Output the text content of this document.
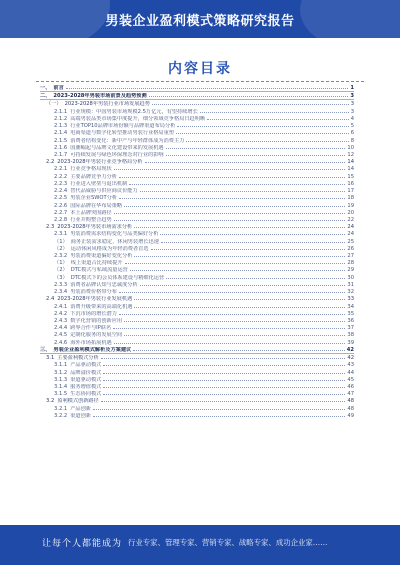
男装企业盈利模式策略研究报告
内容目录
一、 前言	1
二、 2023-2028年男装市场前景及趋势预测	3
（一） 2023-2028年男装行业市场发展趋势	3
2.1.1 行业规模：中国男装市场规模2.5万亿元，有望持续增长	3
2.1.2 高端男装品类市场集中度提升，细分领域竞争格局日趋明晰	4
2.1.3 行业TOP10品牌市场份额与品牌渠道布局分析	5
2.1.4 电商渠道与数字化转型推动男装行业格局重塑	6
2.1.5 消费者结构变化：新中产与年轻群体成为消费主力	8
2.1.6 国潮崛起与品牌文化建设带来的发展机遇	10
2.1.7 可持续发展与绿色环保理念对行业的影响	12
2.2 2023-2028年男装行业竞争格局分析	14
2.2.1 行业竞争格局现状	14
2.2.2 主要品牌竞争力分析	15
2.2.3 行业进入壁垒与退出机制	16
2.2.4 替代品威胁与供应商议价能力	17
2.2.5 男装企业SWOT分析	18
2.2.6 国际品牌在华布局策略	19
2.2.7 本土品牌突围路径	20
2.2.8 行业并购整合趋势	22
2.3 2023-2028年男装市场需求分析	24
2.3.1 男装消费需求结构变化与品类偏好分析	24
（1） 商务正装需求稳定，休闲男装增长迅速	25
（2） 运动休闲风格成为年轻消费者首选	26
2.3.2 男装消费渠道偏好变化分析	27
（1） 线上渠道占比持续提升	28
（2） DTC模式与私域流量运营	29
（3） DTC模式下的会员体系建设与精细化运营	30
2.3.3 消费者品牌认知与忠诚度分析	31
2.3.4 男装消费价格带分布	32
2.4 2023-2028年男装行业发展机遇	33
2.4.1 消费升级带来的高端化机遇	34
2.4.2 下沉市场的增长潜力	35
2.4.3 数字化营销的创新应用	36
2.4.4 跨界合作与IP联名	37
2.4.5 定制化服务的发展空间	38
2.4.6 海外市场拓展机遇	39
三、 男装企业盈利模式解析及方案建议	42
3.1 主要盈利模式分析	42
3.1.1 产品驱动模式	43
3.1.2 品牌溢价模式	44
3.1.3 渠道驱动模式	45
3.1.4 服务增值模式	46
3.1.5 生态协同模式	47
3.2 盈利模式创新路径	48
3.2.1 产品创新	48
3.2.2 渠道创新	49
让每个人都能成为 行业专家、管理专家、营销专家、战略专家、成功企业家……
